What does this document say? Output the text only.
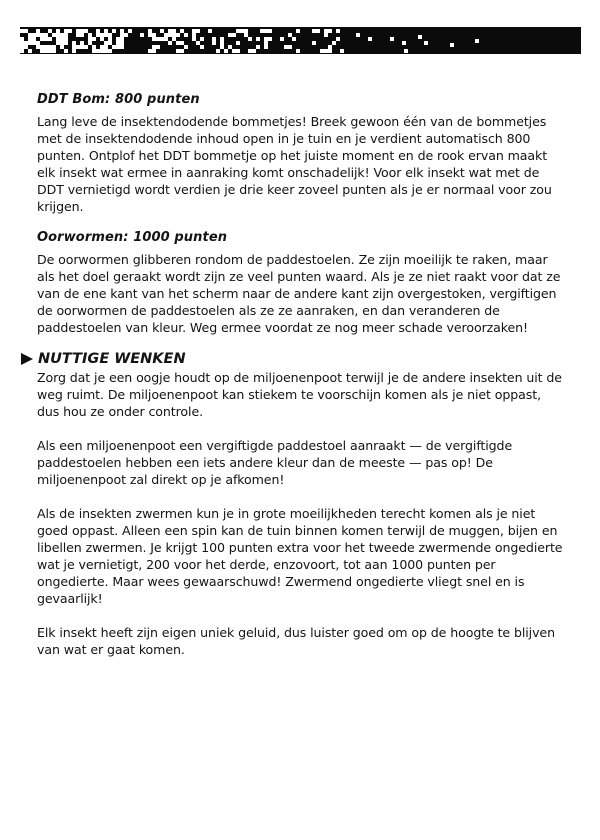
DDT Bom: 800 punten

Lang leve de insektendodende bommetjes! Breek gewoon één van de bommetjes met de insektendodende inhoud open in je tuin en je verdient automatisch 800 punten. Ontplof het DDT bommetje op het juiste moment en de rook ervan maakt elk insekt wat ermee in aanraking komt onschadelijk! Voor elk insekt wat met de DDT vernietigd wordt verdien je drie keer zoveel punten als je er normaal voor zou krijgen.

Oorwormen: 1000 punten

De oorwormen glibberen rondom de paddestoelen. Ze zijn moeilijk te raken, maar als het doel geraakt wordt zijn ze veel punten waard. Als je ze niet raakt voor dat ze van de ene kant van het scherm naar de andere kant zijn overgestoken, vergiftigen de oorwormen de paddestoelen als ze ze aanraken, en dan veranderen de paddestoelen van kleur. Weg ermee voordat ze nog meer schade veroorzaken!

NUTTIGE WENKEN

Zorg dat je een oogje houdt op de miljoenenpoot terwijl je de andere insekten uit de weg ruimt. De miljoenenpoot kan stiekem te voorschijn komen als je niet oppast, dus hou ze onder controle.

Als een miljoenenpoot een vergiftigde paddestoel aanraakt — de vergiftigde paddestoelen hebben een iets andere kleur dan de meeste — pas op! De miljoenenpoot zal direkt op je afkomen!

Als de insekten zwermen kun je in grote moeilijkheden terecht komen als je niet goed oppast. Alleen een spin kan de tuin binnen komen terwijl de muggen, bijen en libellen zwermen. Je krijgt 100 punten extra voor het tweede zwermende ongedierte wat je vernietigt, 200 voor het derde, enzovoort, tot aan 1000 punten per ongedierte. Maar wees gewaarschuwd! Zwermend ongedierte vliegt snel en is gevaarlijk!

Elk insekt heeft zijn eigen uniek geluid, dus luister goed om op de hoogte te blijven van wat er gaat komen.
